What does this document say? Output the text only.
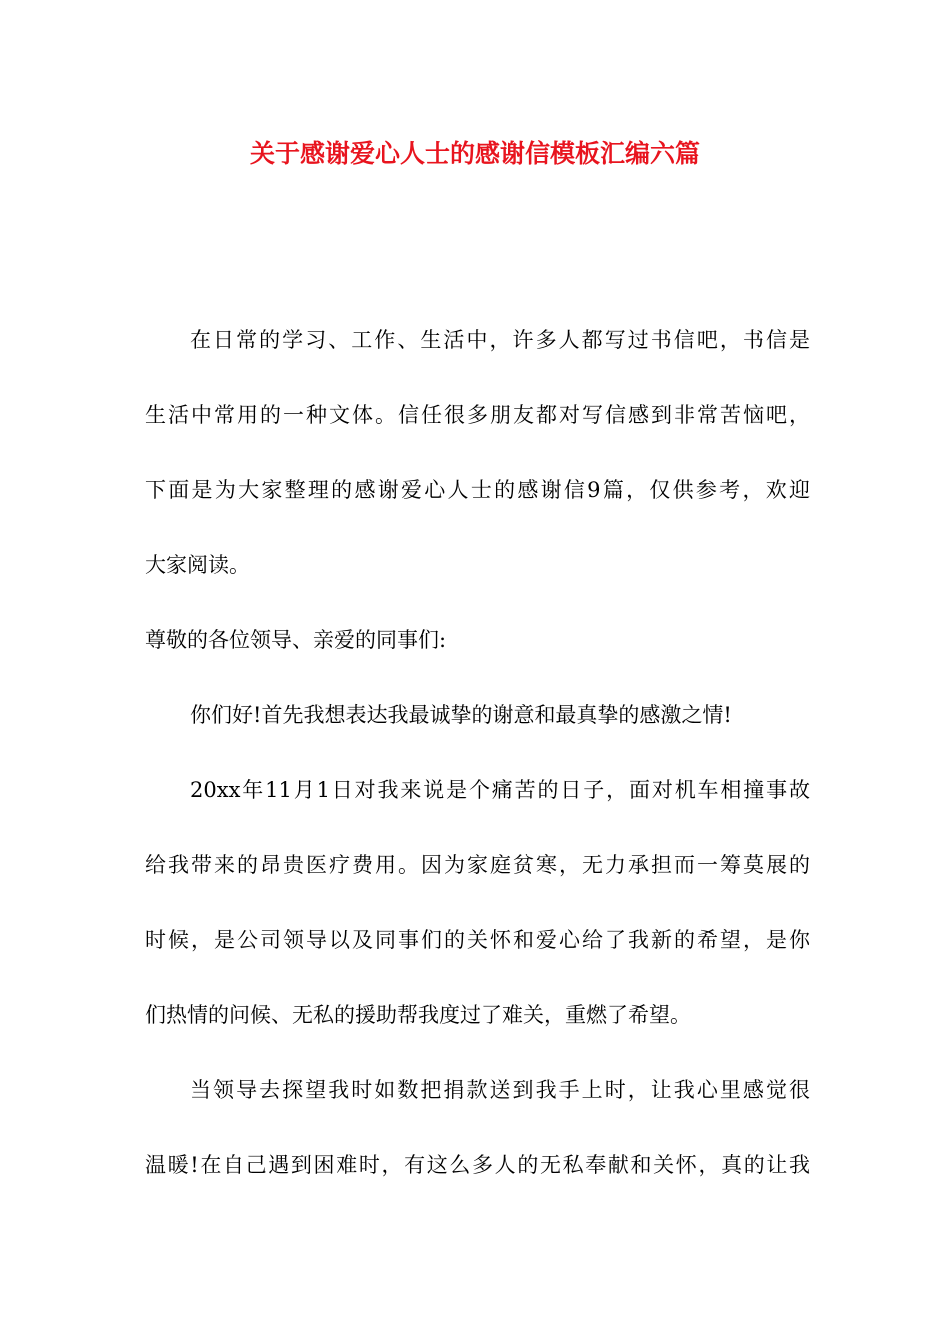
关于感谢爱心人士的感谢信模板汇编六篇
在日常的学习、工作、生活中，许多人都写过书信吧，书信是
生活中常用的一种文体。信任很多朋友都对写信感到非常苦恼吧，
下面是为大家整理的感谢爱心人士的感谢信9篇，仅供参考，欢迎
大家阅读。
尊敬的各位领导、亲爱的同事们:
你们好!首先我想表达我最诚挚的谢意和最真挚的感激之情!
20xx年11月1日对我来说是个痛苦的日子，面对机车相撞事故
给我带来的昂贵医疗费用。因为家庭贫寒，无力承担而一筹莫展的
时候，是公司领导以及同事们的关怀和爱心给了我新的希望，是你
们热情的问候、无私的援助帮我度过了难关，重燃了希望。
当领导去探望我时如数把捐款送到我手上时，让我心里感觉很
温暖!在自己遇到困难时，有这么多人的无私奉献和关怀，真的让我
